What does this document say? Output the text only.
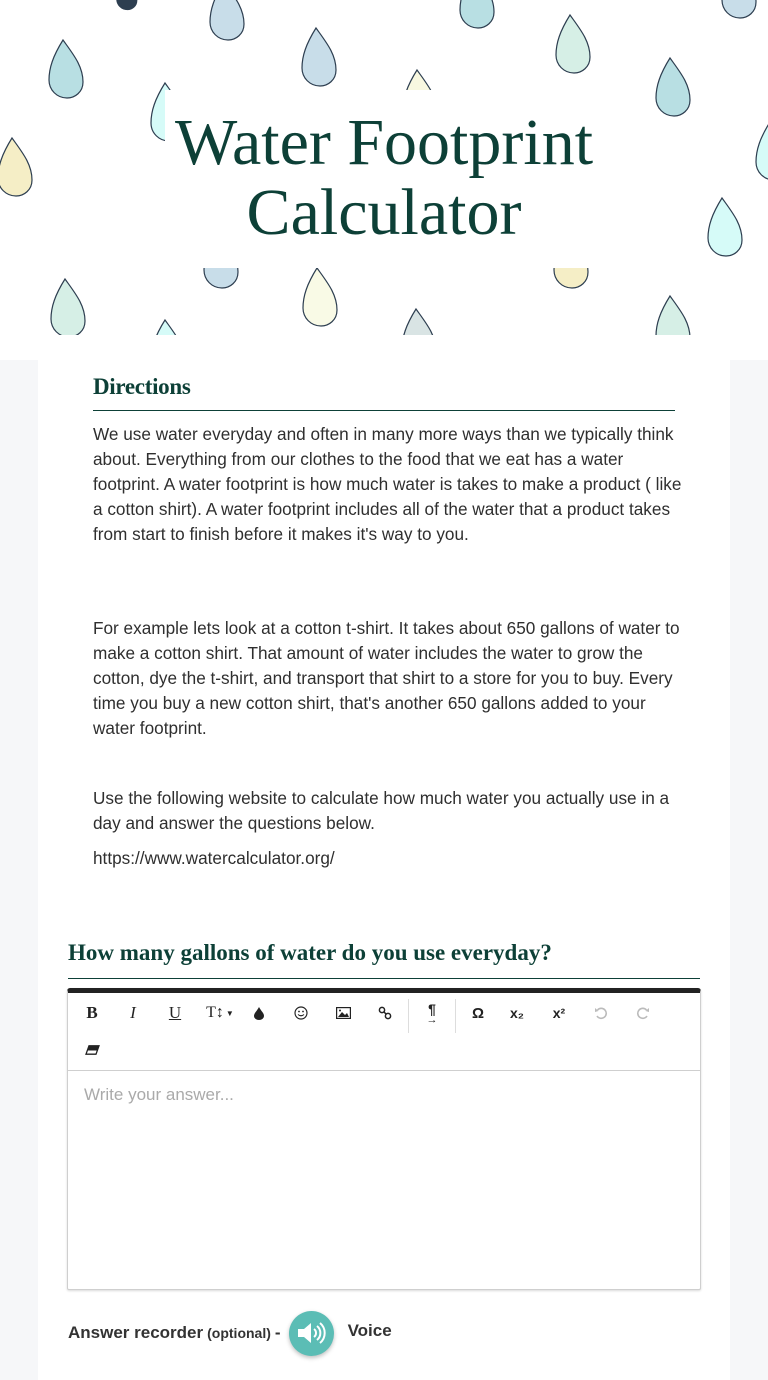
Water Footprint
Calculator
Directions

We use water everyday and often in many more ways than we typically think about. Everything from our clothes to the food that we eat has a water footprint. A water footprint is how much water is takes to make a product ( like a cotton shirt). A water footprint includes all of the water that a product takes from start to finish before it makes it's way to you.

For example lets look at a cotton t-shirt. It takes about 650 gallons of water to make a cotton shirt. That amount of water includes the water to grow the cotton, dye the t-shirt, and transport that shirt to a store for you to buy. Every time you buy a new cotton shirt, that's another 650 gallons added to your water footprint.

Use the following website to calculate how much water you actually use in a day and answer the questions below.

https://www.watercalculator.org/

How many gallons of water do you use everyday?
B	I	U	T↕ ▼	¶
→	Ω	x₂	x²
Write your answer...
Answer recorder (optional) -	Voice
